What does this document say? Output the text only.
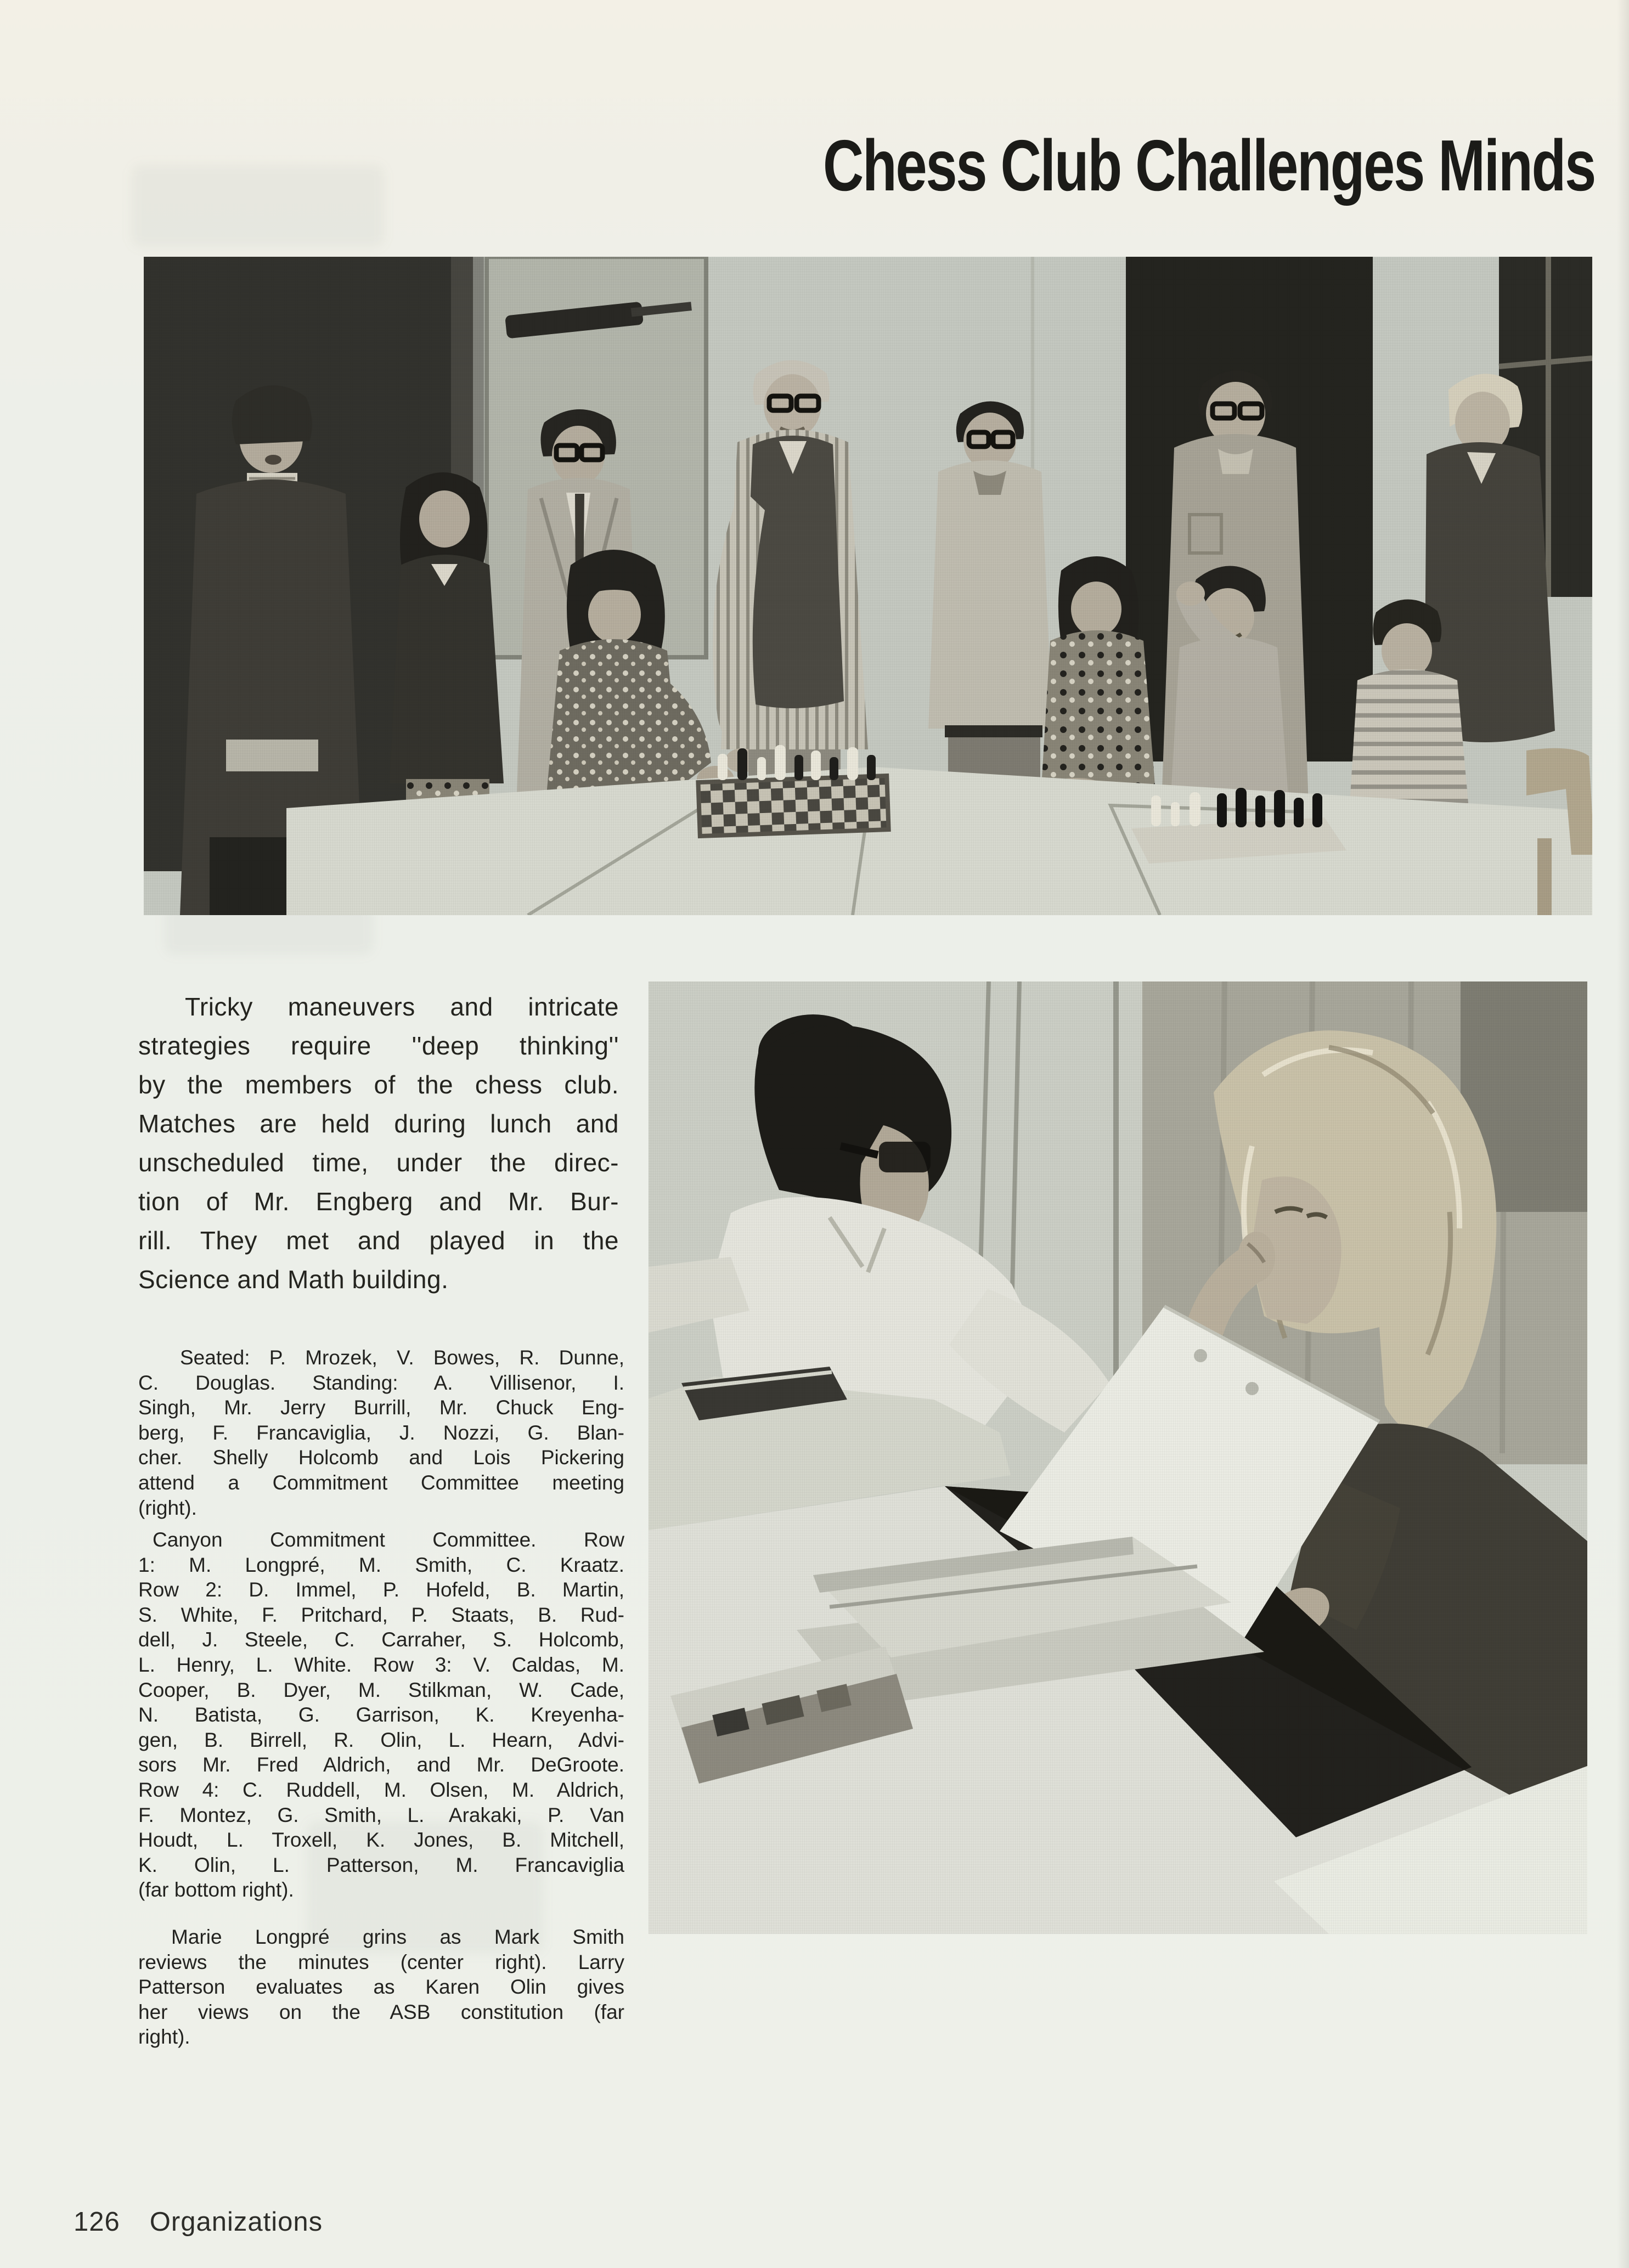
Chess Club Challenges Minds
Tricky maneuvers and intricate
strategies require ''deep thinking''
by the members of the chess club.
Matches are held during lunch and
unscheduled time, under the direc-
tion of Mr. Engberg and Mr. Bur-
rill. They met and played in the
Science and Math building.
Seated: P. Mrozek, V. Bowes, R. Dunne,
C. Douglas. Standing: A. Villisenor, I.
Singh, Mr. Jerry Burrill, Mr. Chuck Eng-
berg, F. Francaviglia, J. Nozzi, G. Blan-
cher. Shelly Holcomb and Lois Pickering
attend a Commitment Committee meeting
(right).
Canyon Commitment Committee. Row
1: M. Longpré, M. Smith, C. Kraatz.
Row 2: D. Immel, P. Hofeld, B. Martin,
S. White, F. Pritchard, P. Staats, B. Rud-
dell, J. Steele, C. Carraher, S. Holcomb,
L. Henry, L. White. Row 3: V. Caldas, M.
Cooper, B. Dyer, M. Stilkman, W. Cade,
N. Batista, G. Garrison, K. Kreyenha-
gen, B. Birrell, R. Olin, L. Hearn, Advi-
sors Mr. Fred Aldrich, and Mr. DeGroote.
Row 4: C. Ruddell, M. Olsen, M. Aldrich,
F. Montez, G. Smith, L. Arakaki, P. Van
Houdt, L. Troxell, K. Jones, B. Mitchell,
K. Olin, L. Patterson, M. Francaviglia
(far bottom right).
Marie Longpré grins as Mark Smith
reviews the minutes (center right). Larry
Patterson evaluates as Karen Olin gives
her views on the ASB constitution (far
right).
126 Organizations
